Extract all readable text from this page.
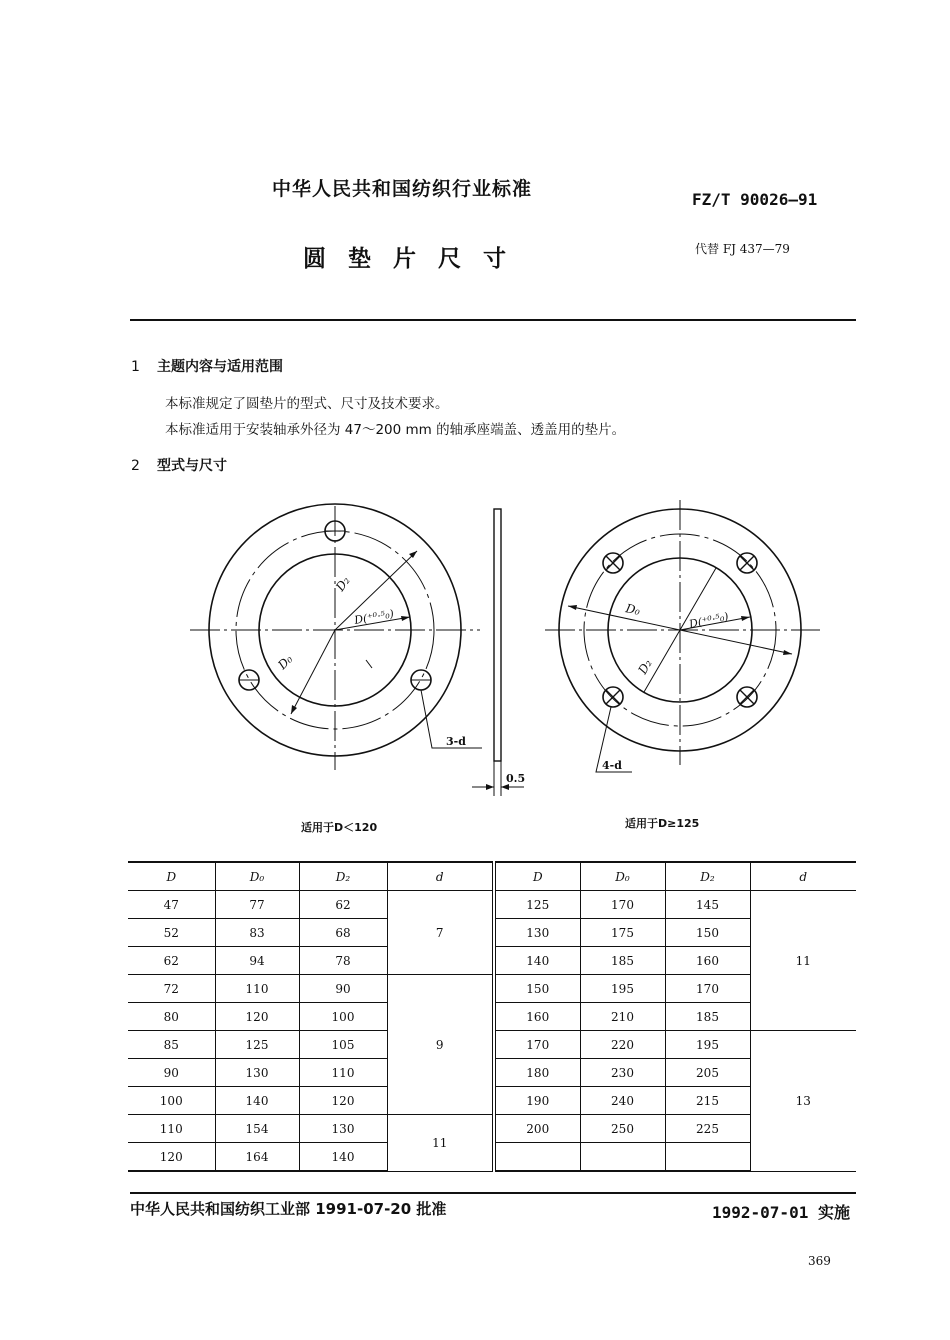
中华人民共和国纺织行业标准	FZ/T 90026—91
圆垫片尺寸	代替 FJ 437—79
1 主题内容与适用范围
本标准规定了圆垫片的型式、尺寸及技术要求。
本标准适用于安装轴承外径为 47～200 mm 的轴承座端盖、透盖用的垫片。
2 型式与尺寸
D₂
D₀
D(⁺⁰·⁵₀)
3-d
0.5
D₀
D₂
D(⁺⁰·⁵₀)
4-d
适用于D＜120	适用于D≥125
D	D₀	D₂	d	D	D₀	D₂	d
47	77	62	7	125	170	145	11
52	83	68		130	175	150	
62	94	78		140	185	160	
72	110	90	9	150	195	170	
80	120	100		160	210	185	
85	125	105		170	220	195	13
90	130	110		180	230	205	
100	140	120		190	240	215	
110	154	130	11	200	250	225	
120	164	140					
中华人民共和国纺织工业部 1991-07-20 批准	1992-07-01 实施
369
